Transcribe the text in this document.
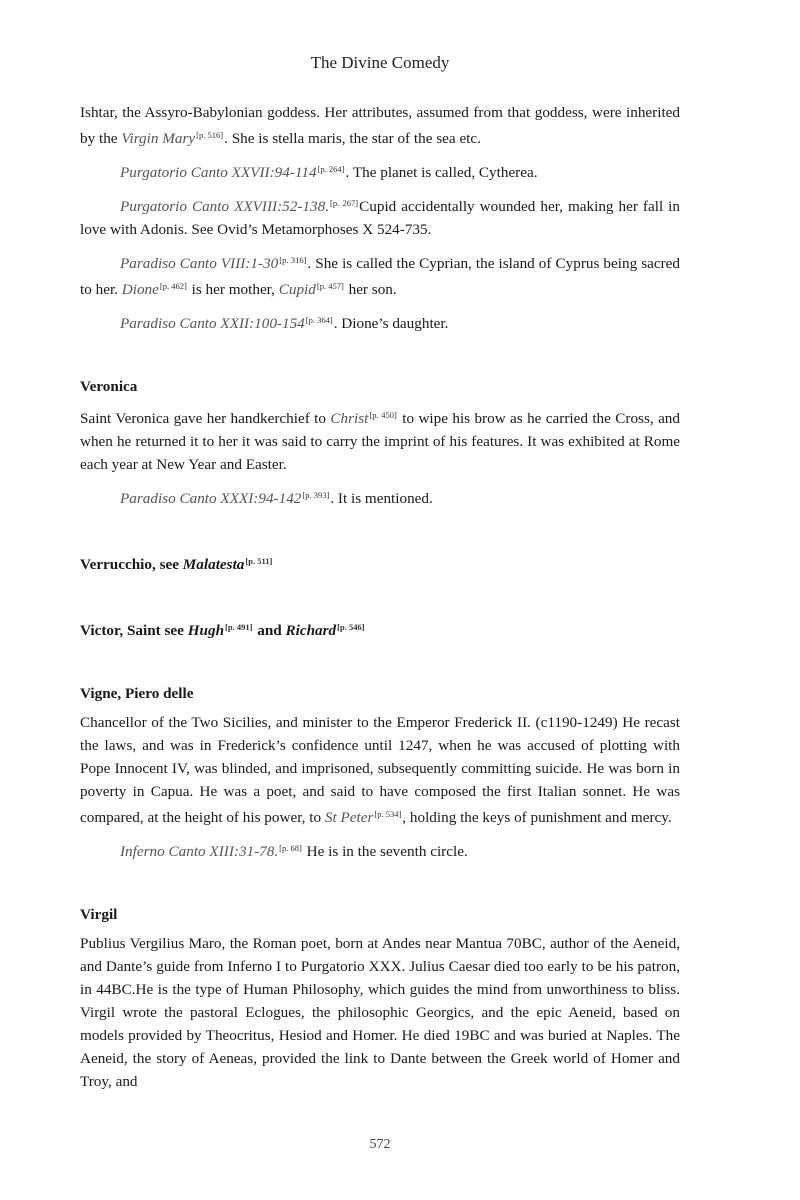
The Divine Comedy

Ishtar, the Assyro-Babylonian goddess. Her attributes, assumed from that goddess, were inherited by the Virgin Mary[p. 516]. She is stella maris, the star of the sea etc.

Purgatorio Canto XXVII:94-114[p. 264]. The planet is called, Cytherea.

Purgatorio Canto XXVIII:52-138.[p. 267]Cupid accidentally wounded her, making her fall in love with Adonis. See Ovid’s Metamorphoses X 524-735.

Paradiso Canto VIII:1-30[p. 316]. She is called the Cyprian, the island of Cyprus being sacred to her. Dione[p. 462] is her mother, Cupid[p. 457] her son.

Paradiso Canto XXII:100-154[p. 364]. Dione’s daughter.

Veronica

Saint Veronica gave her handkerchief to Christ[p. 450] to wipe his brow as he carried the Cross, and when he returned it to her it was said to carry the imprint of his features. It was exhibited at Rome each year at New Year and Easter.

Paradiso Canto XXXI:94-142[p. 393]. It is mentioned.

Verrucchio, see Malatesta[p. 511]
Victor, Saint see Hugh[p. 491] and Richard[p. 546]
Vigne, Piero delle

Chancellor of the Two Sicilies, and minister to the Emperor Frederick II. (c1190-1249) He recast the laws, and was in Frederick’s confidence until 1247, when he was accused of plotting with Pope Innocent IV, was blinded, and imprisoned, subsequently committing suicide. He was born in poverty in Capua. He was a poet, and said to have composed the first Italian sonnet. He was compared, at the height of his power, to St Peter[p. 534], holding the keys of punishment and mercy.

Inferno Canto XIII:31-78.[p. 68] He is in the seventh circle.

Virgil

Publius Vergilius Maro, the Roman poet, born at Andes near Mantua 70BC, author of the Aeneid, and Dante’s guide from Inferno I to Purgatorio XXX. Julius Caesar died too early to be his patron, in 44BC.He is the type of Human Philosophy, which guides the mind from unworthiness to bliss. Virgil wrote the pastoral Eclogues, the philosophic Georgics, and the epic Aeneid, based on models provided by Theocritus, Hesiod and Homer. He died 19BC and was buried at Naples. The Aeneid, the story of Aeneas, provided the link to Dante between the Greek world of Homer and Troy, and

572
